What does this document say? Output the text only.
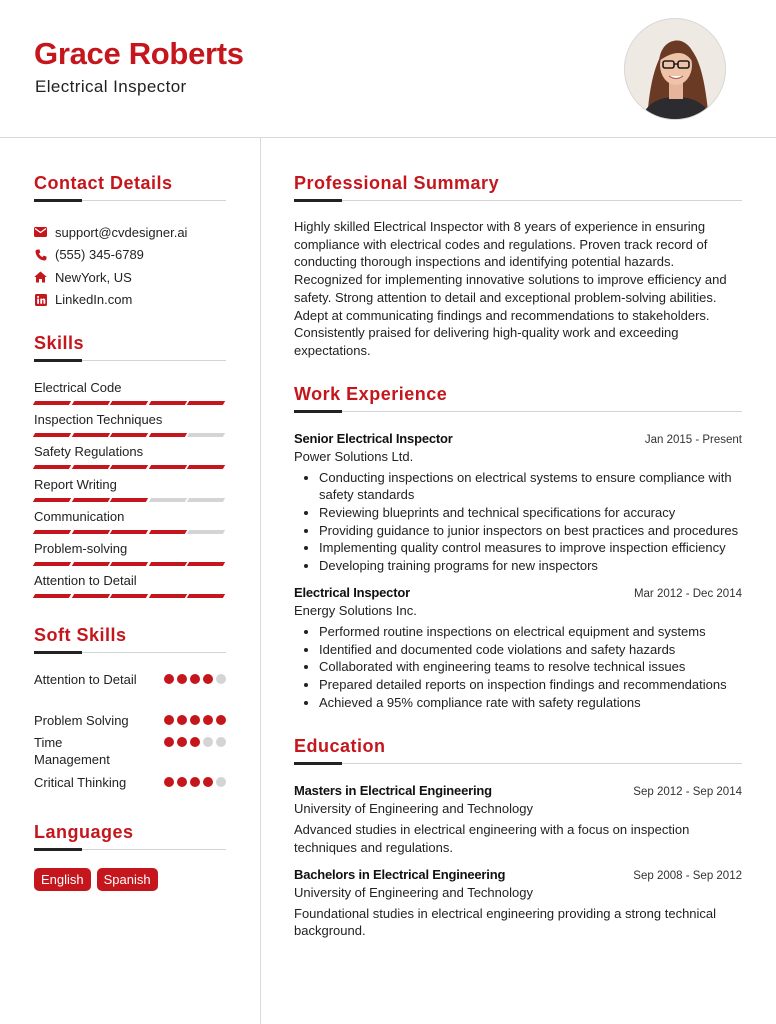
Grace Roberts
Electrical Inspector
Contact Details
support@cvdesigner.ai
(555) 345-6789
NewYork, US
LinkedIn.com
Skills
Electrical Code
Inspection Techniques
Safety Regulations
Report Writing
Communication
Problem-solving
Attention to Detail
Soft Skills
Attention to Detail
Problem Solving
Time Management
Critical Thinking
Languages
English	Spanish
Professional Summary

Highly skilled Electrical Inspector with 8 years of experience in ensuring compliance with electrical codes and regulations. Proven track record of conducting thorough inspections and identifying potential hazards. Recognized for implementing innovative solutions to improve efficiency and safety. Strong attention to detail and exceptional problem-solving abilities. Adept at communicating findings and recommendations to stakeholders. Consistently praised for delivering high-quality work and exceeding expectations.

Work Experience
Senior Electrical Inspector	Jan 2015 - Present
Power Solutions Ltd.
• Conducting inspections on electrical systems to ensure compliance with safety standards
• Reviewing blueprints and technical specifications for accuracy
• Providing guidance to junior inspectors on best practices and procedures
• Implementing quality control measures to improve inspection efficiency
• Developing training programs for new inspectors
Electrical Inspector	Mar 2012 - Dec 2014
Energy Solutions Inc.
• Performed routine inspections on electrical equipment and systems
• Identified and documented code violations and safety hazards
• Collaborated with engineering teams to resolve technical issues
• Prepared detailed reports on inspection findings and recommendations
• Achieved a 95% compliance rate with safety regulations
Education
Masters in Electrical Engineering	Sep 2012 - Sep 2014
University of Engineering and Technology

Advanced studies in electrical engineering with a focus on inspection techniques and regulations.

Bachelors in Electrical Engineering	Sep 2008 - Sep 2012
University of Engineering and Technology

Foundational studies in electrical engineering providing a strong technical background.
